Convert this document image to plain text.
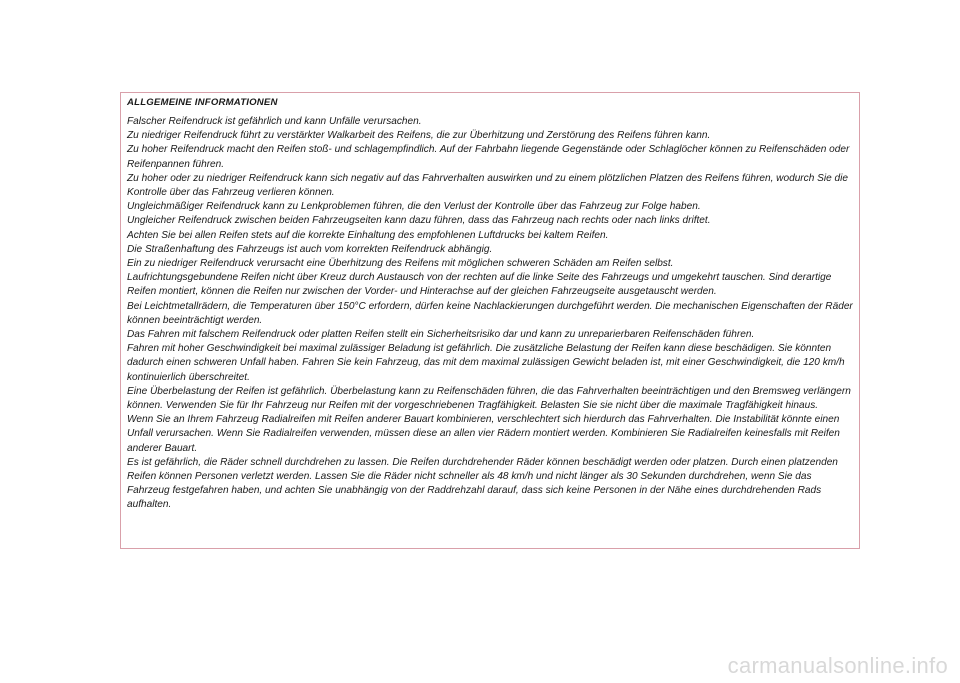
ALLGEMEINE INFORMATIONEN
Falscher Reifendruck ist gefährlich und kann Unfälle verursachen.
Zu niedriger Reifendruck führt zu verstärkter Walkarbeit des Reifens, die zur Überhitzung und Zerstörung des Reifens führen kann.
Zu hoher Reifendruck macht den Reifen stoß- und schlagempfindlich. Auf der Fahrbahn liegende Gegenstände oder Schlaglöcher können zu Reifenschäden oder Reifenpannen führen.
Zu hoher oder zu niedriger Reifendruck kann sich negativ auf das Fahrverhalten auswirken und zu einem plötzlichen Platzen des Reifens führen, wodurch Sie die Kontrolle über das Fahrzeug verlieren können.
Ungleichmäßiger Reifendruck kann zu Lenkproblemen führen, die den Verlust der Kontrolle über das Fahrzeug zur Folge haben.
Ungleicher Reifendruck zwischen beiden Fahrzeugseiten kann dazu führen, dass das Fahrzeug nach rechts oder nach links driftet.
Achten Sie bei allen Reifen stets auf die korrekte Einhaltung des empfohlenen Luftdrucks bei kaltem Reifen.
Die Straßenhaftung des Fahrzeugs ist auch vom korrekten Reifendruck abhängig.
Ein zu niedriger Reifendruck verursacht eine Überhitzung des Reifens mit möglichen schweren Schäden am Reifen selbst.
Laufrichtungsgebundene Reifen nicht über Kreuz durch Austausch von der rechten auf die linke Seite des Fahrzeugs und umgekehrt tauschen. Sind derartige Reifen montiert, können die Reifen nur zwischen der Vorder- und Hinterachse auf der gleichen Fahrzeugseite ausgetauscht werden.
Bei Leichtmetallrädern, die Temperaturen über 150°C erfordern, dürfen keine Nachlackierungen durchgeführt werden. Die mechanischen Eigenschaften der Räder können beeinträchtigt werden.
Das Fahren mit falschem Reifendruck oder platten Reifen stellt ein Sicherheitsrisiko dar und kann zu unreparierbaren Reifenschäden führen.
Fahren mit hoher Geschwindigkeit bei maximal zulässiger Beladung ist gefährlich. Die zusätzliche Belastung der Reifen kann diese beschädigen. Sie könnten dadurch einen schweren Unfall haben. Fahren Sie kein Fahrzeug, das mit dem maximal zulässigen Gewicht beladen ist, mit einer Geschwindigkeit, die 120 km/h kontinuierlich überschreitet.
Eine Überbelastung der Reifen ist gefährlich. Überbelastung kann zu Reifenschäden führen, die das Fahrverhalten beeinträchtigen und den Bremsweg verlängern können. Verwenden Sie für Ihr Fahrzeug nur Reifen mit der vorgeschriebenen Tragfähigkeit. Belasten Sie sie nicht über die maximale Tragfähigkeit hinaus.
Wenn Sie an Ihrem Fahrzeug Radialreifen mit Reifen anderer Bauart kombinieren, verschlechtert sich hierdurch das Fahrverhalten. Die Instabilität könnte einen Unfall verursachen. Wenn Sie Radialreifen verwenden, müssen diese an allen vier Rädern montiert werden. Kombinieren Sie Radialreifen keinesfalls mit Reifen anderer Bauart.
Es ist gefährlich, die Räder schnell durchdrehen zu lassen. Die Reifen durchdrehender Räder können beschädigt werden oder platzen. Durch einen platzenden Reifen können Personen verletzt werden. Lassen Sie die Räder nicht schneller als 48 km/h und nicht länger als 30 Sekunden durchdrehen, wenn Sie das Fahrzeug festgefahren haben, und achten Sie unabhängig von der Raddrehzahl darauf, dass sich keine Personen in der Nähe eines durchdrehenden Rads aufhalten.
carmanualsonline.info
